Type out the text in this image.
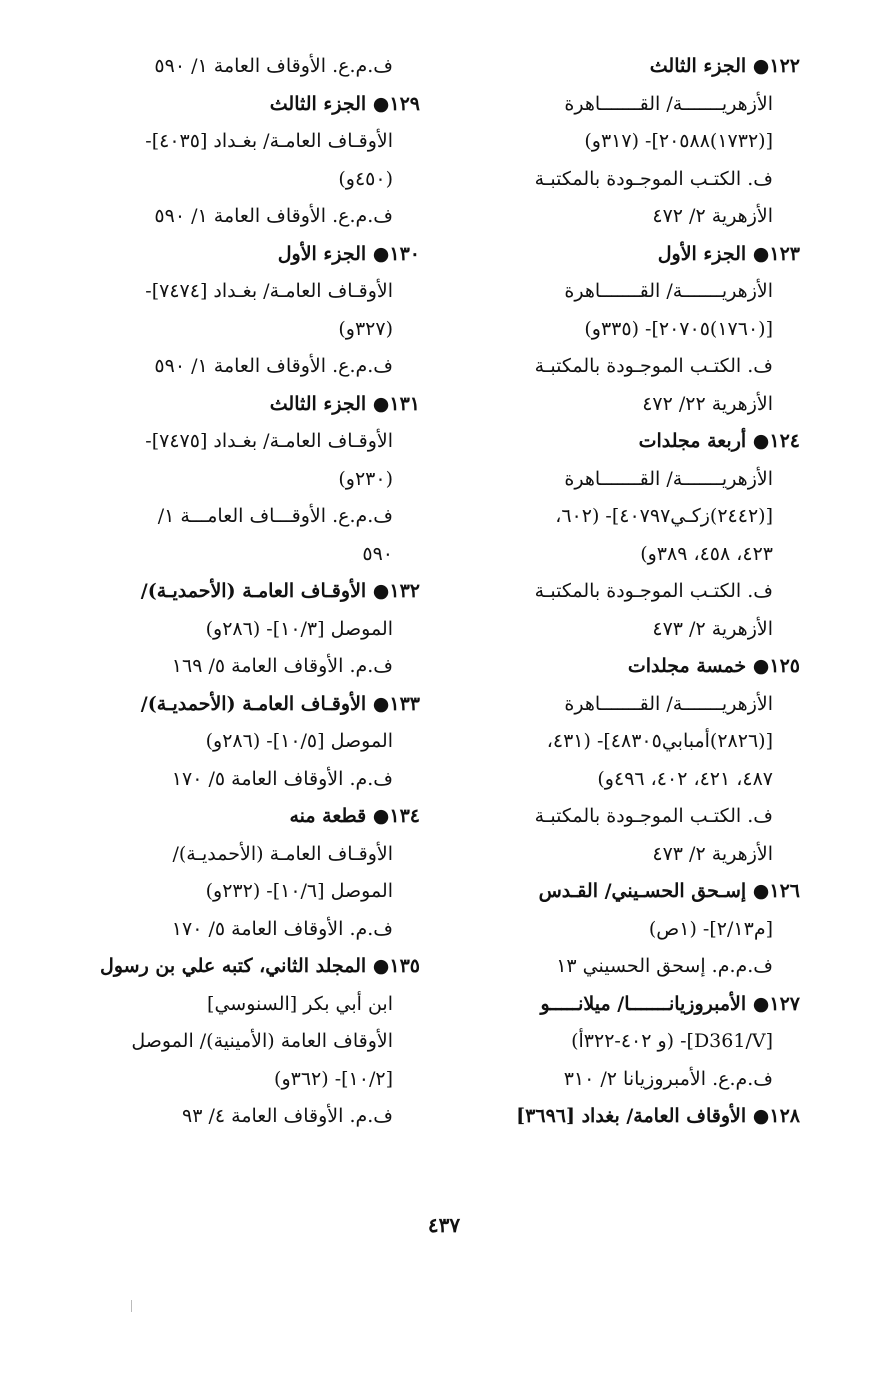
١٢٢● الجزء الثالث
الأزهريـــــــة/ القـــــــاهرة
[(١٧٣٢)٢٠٥٨٨]- (٣١٧و)
ف. الكتـب الموجـودة بالمكتبـة
الأزهرية ٢/ ٤٧٢
١٢٣● الجزء الأول
الأزهريـــــــة/ القـــــــاهرة
[(١٧٦٠)٢٠٧٠٥]- (٣٣٥و)
ف. الكتـب الموجـودة بالمكتبـة
الأزهرية ٢٢/ ٤٧٢
١٢٤● أربعة مجلدات
الأزهريـــــــة/ القـــــــاهرة
[(٢٤٤٢)زكـي٤٠٧٩٧]- (٦٠٢،
٤٢٣، ٤٥٨، ٣٨٩و)
ف. الكتـب الموجـودة بالمكتبـة
الأزهرية ٢/ ٤٧٣
١٢٥● خمسة مجلدات
الأزهريـــــــة/ القـــــــاهرة
[(٢٨٢٦)أمبابي٤٨٣٠٥]- (٤٣١،
٤٨٧، ٤٢١، ٤٠٢، ٤٩٦و)
ف. الكتـب الموجـودة بالمكتبـة
الأزهرية ٢/ ٤٧٣
١٢٦● إسـحق الحسـيني/ القـدس
[م٢/١٣]- (١ص)
ف.م.م. إسحق الحسيني ١٣
١٢٧● الأمبروزيانـــــــا/ ميلانـــــو
[D361/V]- (و ٤٠٢-٣٢٢أ)
ف.م.ع. الأمبروزيانا ٢/ ٣١٠
١٢٨● الأوقاف العامة/ بغداد [٣٦٩٦]
ف.م.ع. الأوقاف العامة ١/ ٥٩٠
١٢٩● الجزء الثالث
الأوقـاف العامـة/ بغـداد [٤٠٣٥]-
(٤٥٠و)
ف.م.ع. الأوقاف العامة ١/ ٥٩٠
١٣٠● الجزء الأول
الأوقـاف العامـة/ بغـداد [٧٤٧٤]-
(٣٢٧و)
ف.م.ع. الأوقاف العامة ١/ ٥٩٠
١٣١● الجزء الثالث
الأوقـاف العامـة/ بغـداد [٧٤٧٥]-
(٢٣٠و)
ف.م.ع. الأوقـــاف العامـــة ١/
٥٩٠
١٣٢● الأوقـاف العامـة (الأحمديـة)/
الموصل [١٠/٣]- (٢٨٦و)
ف.م. الأوقاف العامة ٥/ ١٦٩
١٣٣● الأوقـاف العامـة (الأحمديـة)/
الموصل [١٠/٥]- (٢٨٦و)
ف.م. الأوقاف العامة ٥/ ١٧٠
١٣٤● قطعة منه
الأوقـاف العامـة (الأحمديـة)/
الموصل [١٠/٦]- (٢٣٢و)
ف.م. الأوقاف العامة ٥/ ١٧٠
١٣٥● المجلد الثاني، كتبه علي بن رسول
ابن أبي بكر [السنوسي]
الأوقاف العامة (الأمينية)/ الموصل
[١٠/٢]- (٣٦٢و)
ف.م. الأوقاف العامة ٤/ ٩٣
٤٣٧
